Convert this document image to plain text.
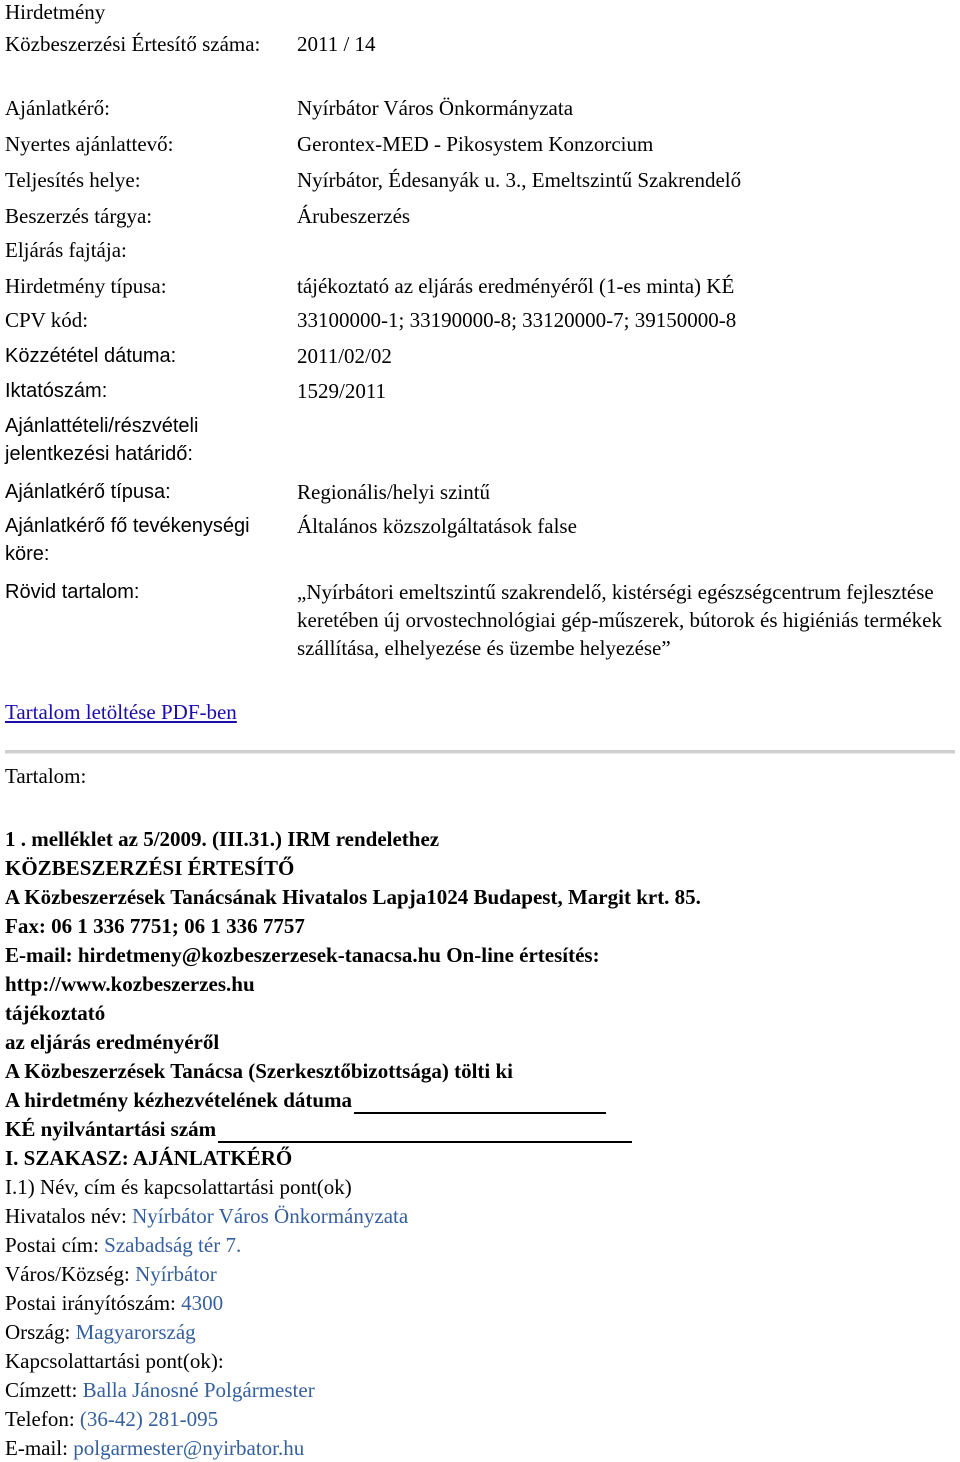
Hirdetmény
Közbeszerzési Értesítő száma: 2011 / 14
Ajánlatkérő:	Nyírbátor Város Önkormányzata
Nyertes ajánlattevő:	Gerontex-MED - Pikosystem Konzorcium
Teljesítés helye:	Nyírbátor, Édesanyák u. 3., Emeltszintű Szakrendelő
Beszerzés tárgya:	Árubeszerzés
Eljárás fajtája:
Hirdetmény típusa:	tájékoztató az eljárás eredményéről (1-es minta) KÉ
CPV kód:	33100000-1; 33190000-8; 33120000-7; 39150000-8
Közzététel dátuma:	2011/02/02
Iktatószám:	1529/2011
Ajánlattételi/részvételi jelentkezési határidő:
Ajánlatkérő típusa:	Regionális/helyi szintű
Ajánlatkérő fő tevékenységi köre:
Általános közszolgáltatások false
Rövid tartalom:	„Nyírbátori emeltszintű szakrendelő, kistérségi egészségcentrum fejlesztése keretében új orvostechnológiai gép-műszerek, bútorok és higiéniás termékek szállítása, elhelyezése és üzembe helyezése”
Tartalom letöltése PDF-ben
Tartalom:
1 . melléklet az 5/2009. (III.31.) IRM rendelethez
KÖZBESZERZÉSI ÉRTESÍTŐ
A Közbeszerzések Tanácsának Hivatalos Lapja1024 Budapest, Margit krt. 85.
Fax: 06 1 336 7751; 06 1 336 7757
E-mail: hirdetmeny@kozbeszerzesek-tanacsa.hu On-line értesítés:
http://www.kozbeszerzes.hu
tájékoztató
az eljárás eredményéről
A Közbeszerzések Tanácsa (Szerkesztőbizottsága) tölti ki
A hirdetmény kézhezvételének dátuma
KÉ nyilvántartási szám
I. SZAKASZ: AJÁNLATKÉRŐ
I.1) Név, cím és kapcsolattartási pont(ok)
Hivatalos név: Nyírbátor Város Önkormányzata
Postai cím: Szabadság tér 7.
Város/Község: Nyírbátor
Postai irányítószám: 4300
Ország: Magyarország
Kapcsolattartási pont(ok):
Címzett: Balla Jánosné Polgármester
Telefon: (36-42) 281-095
E-mail: polgarmester@nyirbator.hu
